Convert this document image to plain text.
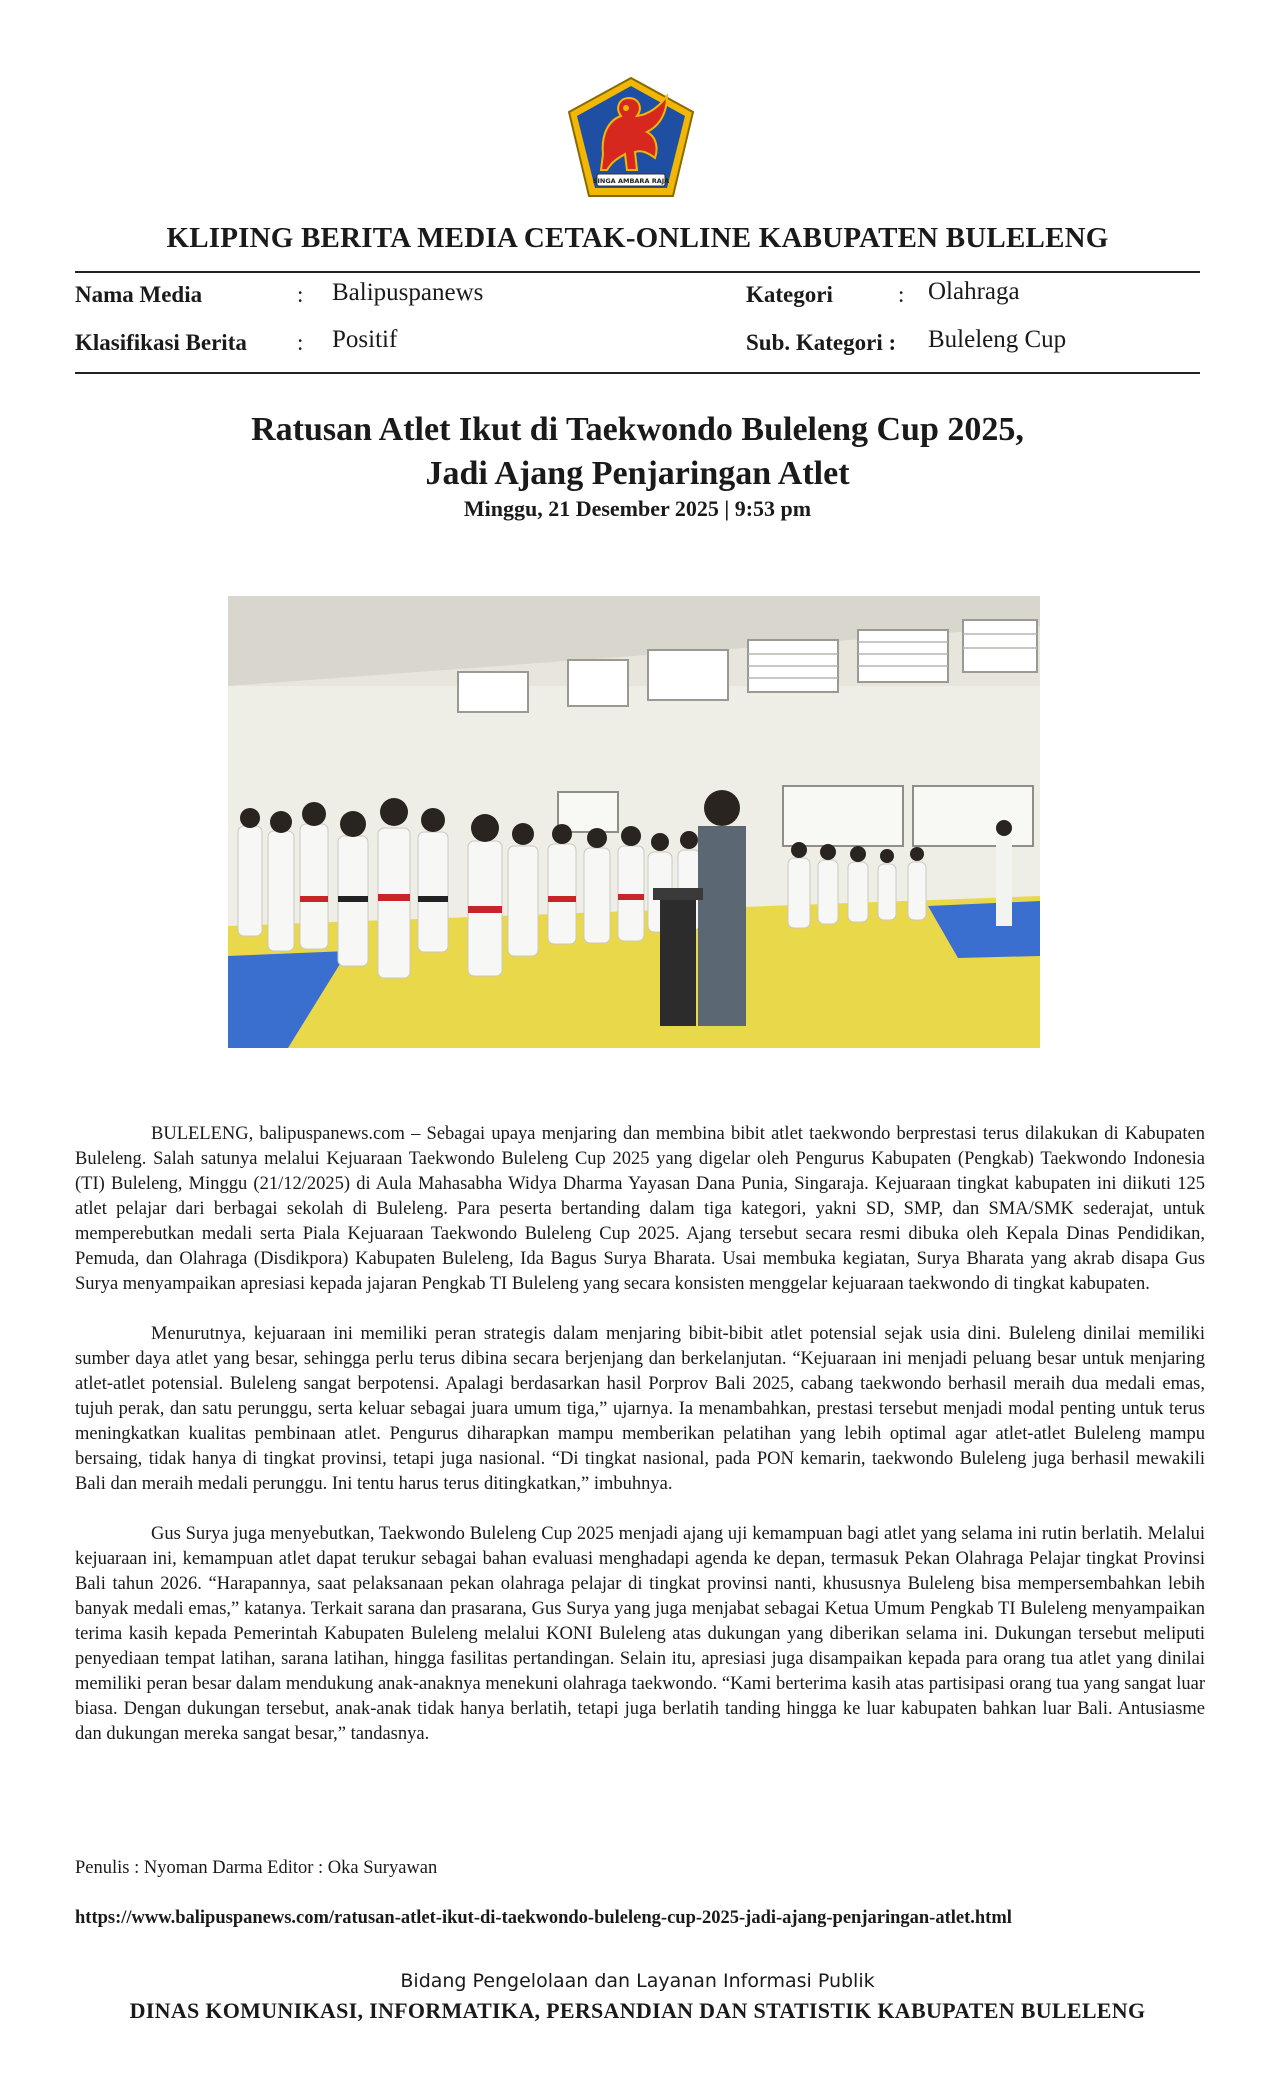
SINGA AMBARA RAJA
KLIPING BERITA MEDIA CETAK-ONLINE KABUPATEN BULELENG
Nama Media	: Balipuspanews	Kategori	: Olahraga
Klasifikasi Berita : Positif	Sub. Kategori : Buleleng Cup
Ratusan Atlet Ikut di Taekwondo Buleleng Cup 2025,
Jadi Ajang Penjaringan Atlet
Minggu, 21 Desember 2025 | 9:53 pm

BULELENG, balipuspanews.com – Sebagai upaya menjaring dan membina bibit atlet taekwondo berprestasi terus dilakukan di Kabupaten Buleleng. Salah satunya melalui Kejuaraan Taekwondo Buleleng Cup 2025 yang digelar oleh Pengurus Kabupaten (Pengkab) Taekwondo Indonesia (TI) Buleleng, Minggu (21/12/2025) di Aula Mahasabha Widya Dharma Yayasan Dana Punia, Singaraja. Kejuaraan tingkat kabupaten ini diikuti 125 atlet pelajar dari berbagai sekolah di Buleleng. Para peserta bertanding dalam tiga kategori, yakni SD, SMP, dan SMA/SMK sederajat, untuk memperebutkan medali serta Piala Kejuaraan Taekwondo Buleleng Cup 2025. Ajang tersebut secara resmi dibuka oleh Kepala Dinas Pendidikan, Pemuda, dan Olahraga (Disdikpora) Kabupaten Buleleng, Ida Bagus Surya Bharata. Usai membuka kegiatan, Surya Bharata yang akrab disapa Gus Surya menyampaikan apresiasi kepada jajaran Pengkab TI Buleleng yang secara konsisten menggelar kejuaraan taekwondo di tingkat kabupaten.

Menurutnya, kejuaraan ini memiliki peran strategis dalam menjaring bibit-bibit atlet potensial sejak usia dini. Buleleng dinilai memiliki sumber daya atlet yang besar, sehingga perlu terus dibina secara berjenjang dan berkelanjutan. “Kejuaraan ini menjadi peluang besar untuk menjaring atlet-atlet potensial. Buleleng sangat berpotensi. Apalagi berdasarkan hasil Porprov Bali 2025, cabang taekwondo berhasil meraih dua medali emas, tujuh perak, dan satu perunggu, serta keluar sebagai juara umum tiga,” ujarnya. Ia menambahkan, prestasi tersebut menjadi modal penting untuk terus meningkatkan kualitas pembinaan atlet. Pengurus diharapkan mampu memberikan pelatihan yang lebih optimal agar atlet-atlet Buleleng mampu bersaing, tidak hanya di tingkat provinsi, tetapi juga nasional. “Di tingkat nasional, pada PON kemarin, taekwondo Buleleng juga berhasil mewakili Bali dan meraih medali perunggu. Ini tentu harus terus ditingkatkan,” imbuhnya.

Gus Surya juga menyebutkan, Taekwondo Buleleng Cup 2025 menjadi ajang uji kemampuan bagi atlet yang selama ini rutin berlatih. Melalui kejuaraan ini, kemampuan atlet dapat terukur sebagai bahan evaluasi menghadapi agenda ke depan, termasuk Pekan Olahraga Pelajar tingkat Provinsi Bali tahun 2026. “Harapannya, saat pelaksanaan pekan olahraga pelajar di tingkat provinsi nanti, khususnya Buleleng bisa mempersembahkan lebih banyak medali emas,” katanya. Terkait sarana dan prasarana, Gus Surya yang juga menjabat sebagai Ketua Umum Pengkab TI Buleleng menyampaikan terima kasih kepada Pemerintah Kabupaten Buleleng melalui KONI Buleleng atas dukungan yang diberikan selama ini. Dukungan tersebut meliputi penyediaan tempat latihan, sarana latihan, hingga fasilitas pertandingan. Selain itu, apresiasi juga disampaikan kepada para orang tua atlet yang dinilai memiliki peran besar dalam mendukung anak-anaknya menekuni olahraga taekwondo. “Kami berterima kasih atas partisipasi orang tua yang sangat luar biasa. Dengan dukungan tersebut, anak-anak tidak hanya berlatih, tetapi juga berlatih tanding hingga ke luar kabupaten bahkan luar Bali. Antusiasme dan dukungan mereka sangat besar,” tandasnya.

Penulis : Nyoman Darma Editor : Oka Suryawan
https://www.balipuspanews.com/ratusan-atlet-ikut-di-taekwondo-buleleng-cup-2025-jadi-ajang-penjaringan-atlet.html
Bidang Pengelolaan dan Layanan Informasi Publik
DINAS KOMUNIKASI, INFORMATIKA, PERSANDIAN DAN STATISTIK KABUPATEN BULELENG
